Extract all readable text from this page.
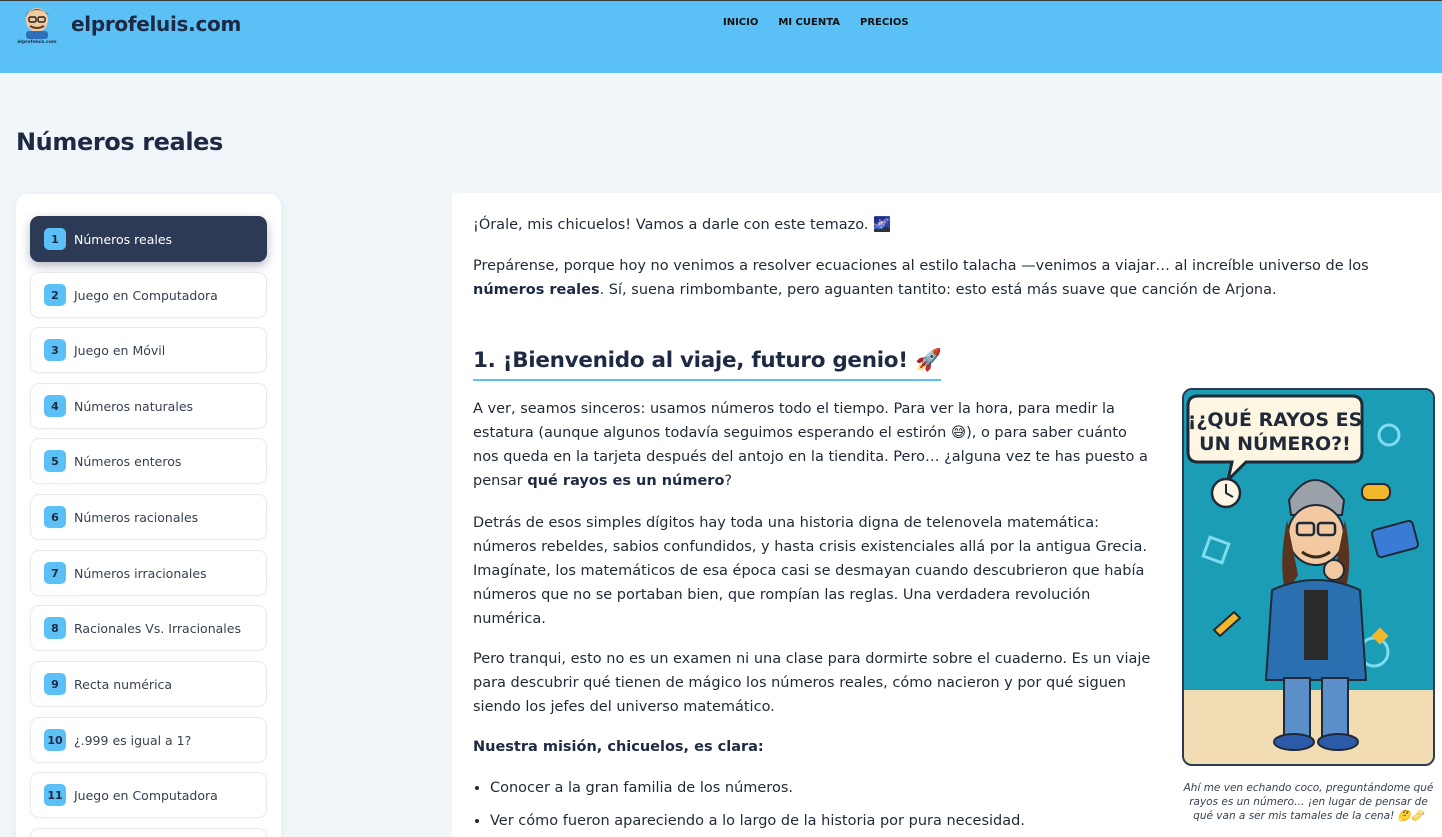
elprofeluis.com
elprofeluis.com	INICIO	MI CUENTA	PRECIOS
Números reales
1	Números reales
2	Juego en Computadora
3	Juego en Móvil
4	Números naturales
5	Números enteros
6	Números racionales
7	Números irracionales
8	Racionales Vs. Irracionales
9	Recta numérica
10 ¿.999 es igual a 1?
11 Juego en Computadora

¡Órale, mis chicuelos! Vamos a darle con este temazo. 🌌

Prepárense, porque hoy no venimos a resolver ecuaciones al estilo talacha —venimos a viajar… al increíble universo de los números reales. Sí, suena rimbombante, pero aguanten tantito: esto está más suave que canción de Arjona.

1. ¡Bienvenido al viaje, futuro genio! 🚀

A ver, seamos sinceros: usamos números todo el tiempo. Para ver la hora, para medir la estatura (aunque algunos todavía seguimos esperando el estirón 😅), o para saber cuánto nos queda en la tarjeta después del antojo en la tiendita. Pero… ¿alguna vez te has puesto a pensar qué rayos es un número?

Detrás de esos simples dígitos hay toda una historia digna de telenovela matemática: números rebeldes, sabios confundidos, y hasta crisis existenciales allá por la antigua Grecia. Imagínate, los matemáticos de esa época casi se desmayan cuando descubrieron que había números que no se portaban bien, que rompían las reglas. Una verdadera revolución numérica.

Pero tranqui, esto no es un examen ni una clase para dormirte sobre el cuaderno. Es un viaje para descubrir qué tienen de mágico los números reales, cómo nacieron y por qué siguen siendo los jefes del universo matemático.

Nuestra misión, chicuelos, es clara:

• Conocer a la gran familia de los números.
• Ver cómo fueron apareciendo a lo largo de la historia por pura necesidad.
¡¿QUÉ RAYOS ES
UN NÚMERO?!

Ahí me ven echando coco, preguntándome qué rayos es un número… ¡en lugar de pensar de qué van a ser mis tamales de la cena! 🤔🫔
